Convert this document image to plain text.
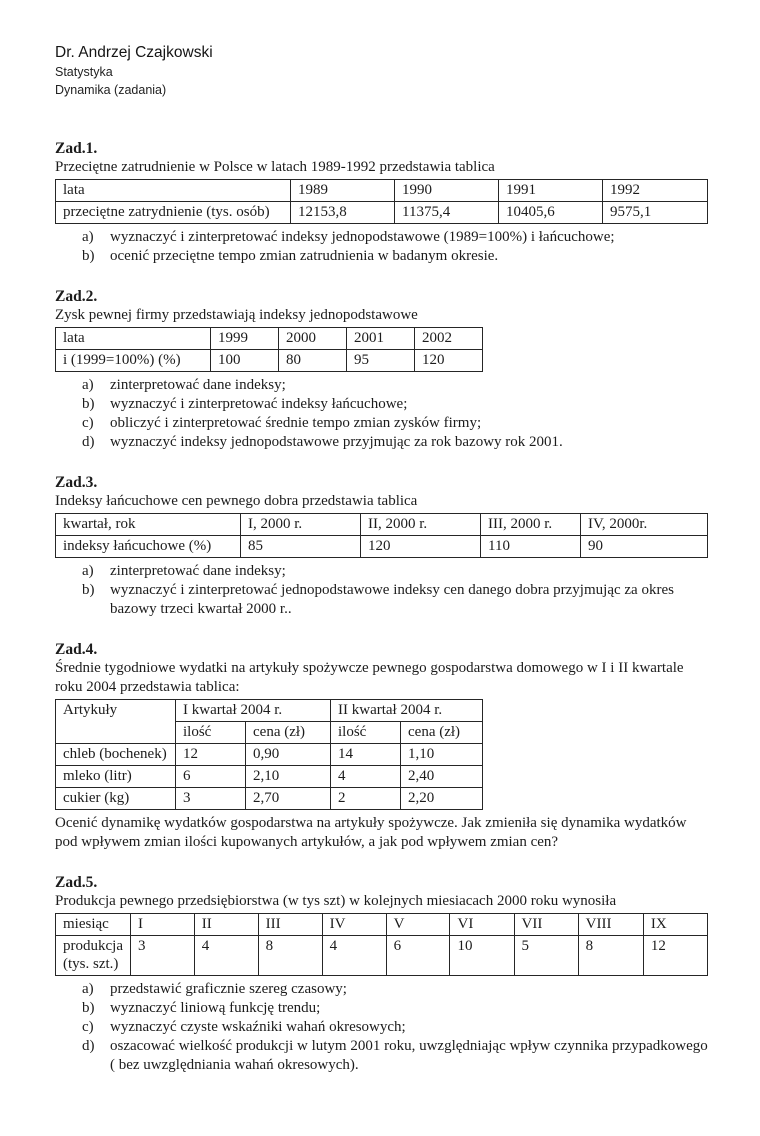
Dr. Andrzej Czajkowski
Statystyka
Dynamika (zadania)
Zad.1.
Przeciętne zatrudnienie w Polsce w latach 1989-1992 przedstawia tablica
lata	1989	1990	1991	1992
przeciętne zatrydnienie (tys. osób)	12153,8	11375,4	10405,6	9575,1
a)	wyznaczyć i zinterpretować indeksy jednopodstawowe (1989=100%) i łańcuchowe;
b)	ocenić przeciętne tempo zmian zatrudnienia w badanym okresie.
Zad.2.
Zysk pewnej firmy przedstawiają indeksy jednopodstawowe
lata	1999	2000	2001	2002
i (1999=100%) (%)	100	80	95	120
a)	zinterpretować dane indeksy;
b)	wyznaczyć i zinterpretować indeksy łańcuchowe;
c)	obliczyć i zinterpretować średnie tempo zmian zysków firmy;
d)	wyznaczyć indeksy jednopodstawowe przyjmując za rok bazowy rok 2001.
Zad.3.
Indeksy łańcuchowe cen pewnego dobra przedstawia tablica
kwartał, rok	I, 2000 r.	II, 2000 r.	III, 2000 r.	IV, 2000r.
indeksy łańcuchowe (%)	85	120	110	90
a)	zinterpretować dane indeksy;
b)	wyznaczyć i zinterpretować jednopodstawowe indeksy cen danego dobra przyjmując za okres bazowy trzeci kwartał 2000 r..
Zad.4.
Średnie tygodniowe wydatki na artykuły spożywcze pewnego gospodarstwa domowego w I i II kwartale roku 2004 przedstawia tablica:
Artykuły	I kwartał 2004 r.		II kwartał 2004 r.	
	ilość	cena (zł)	ilość	cena (zł)
chleb (bochenek)	12	0,90	14	1,10
mleko (litr)	6	2,10	4	2,40
cukier (kg)	3	2,70	2	2,20
Ocenić dynamikę wydatków gospodarstwa na artykuły spożywcze. Jak zmieniła się dynamika wydatków pod wpływem zmian ilości kupowanych artykułów, a jak pod wpływem zmian cen?
Zad.5.
Produkcja pewnego przedsiębiorstwa (w tys szt) w kolejnych miesiacach 2000 roku wynosiła
miesiąc	I	II	III	IV	V	VI	VII	VIII	IX

produkcja
(tys. szt.)	3	4	8	4	6	10	5	8	12
a)	przedstawić graficznie szereg czasowy;
b)	wyznaczyć liniową funkcję trendu;
c)	wyznaczyć czyste wskaźniki wahań okresowych;
d)	oszacować wielkość produkcji w lutym 2001 roku, uwzględniając wpływ czynnika przypadkowego ( bez uwzględniania wahań okresowych).
